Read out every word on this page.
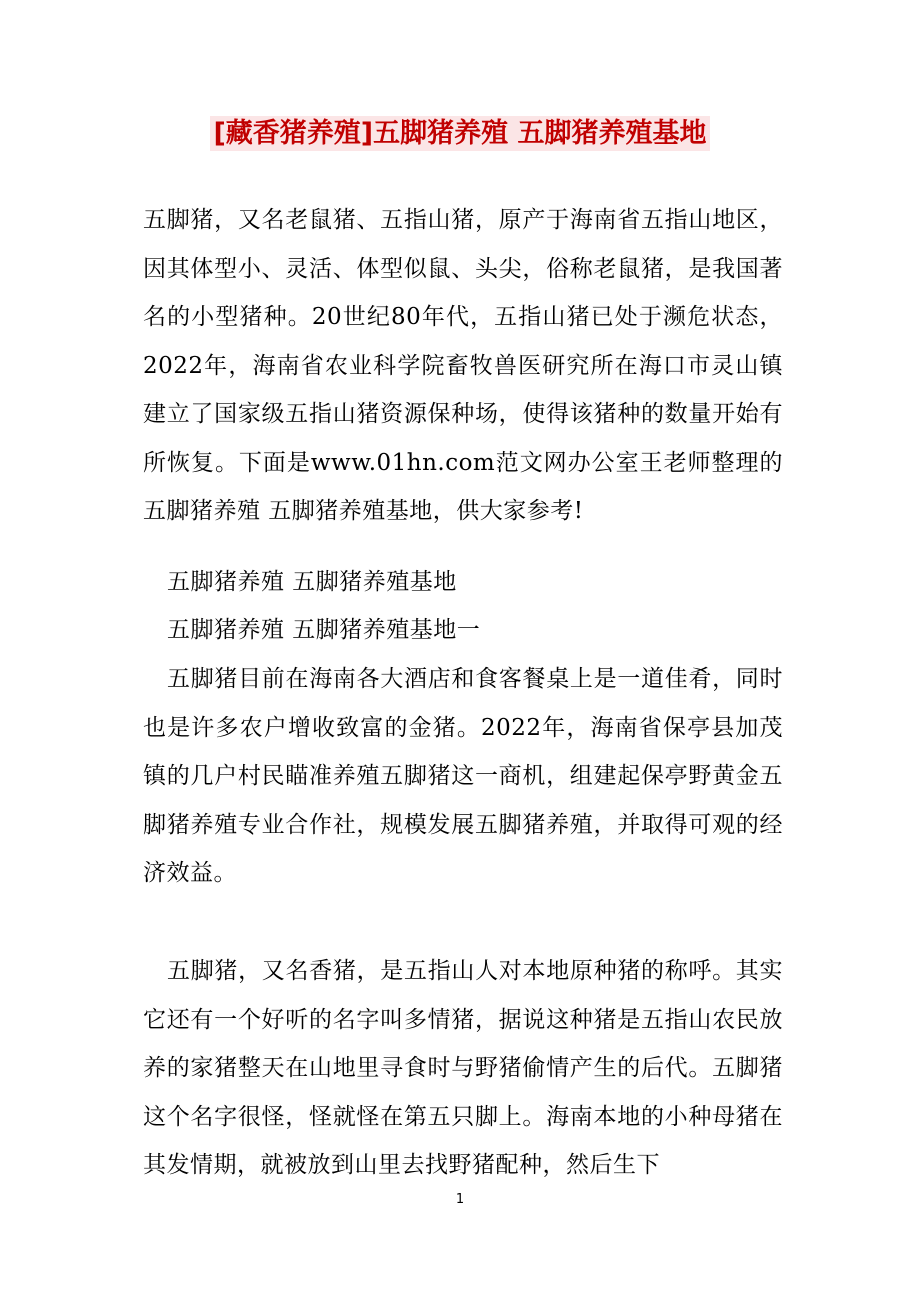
[藏香猪养殖]五脚猪养殖 五脚猪养殖基地

五脚猪，又名老鼠猪、五指山猪，原产于海南省五指山地区，因其体型小、灵活、体型似鼠、头尖，俗称老鼠猪，是我国著名的小型猪种。20世纪80年代，五指山猪已处于濒危状态，2022年，海南省农业科学院畜牧兽医研究所在海口市灵山镇建立了国家级五指山猪资源保种场，使得该猪种的数量开始有所恢复。下面是www.01hn.com范文网办公室王老师整理的五脚猪养殖 五脚猪养殖基地，供大家参考!

五脚猪养殖 五脚猪养殖基地

五脚猪养殖 五脚猪养殖基地一

五脚猪目前在海南各大酒店和食客餐桌上是一道佳肴，同时也是许多农户增收致富的金猪。2022年，海南省保亭县加茂镇的几户村民瞄准养殖五脚猪这一商机，组建起保亭野黄金五脚猪养殖专业合作社，规模发展五脚猪养殖，并取得可观的经济效益。

五脚猪，又名香猪，是五指山人对本地原种猪的称呼。其实它还有一个好听的名字叫多情猪，据说这种猪是五指山农民放养的家猪整天在山地里寻食时与野猪偷情产生的后代。五脚猪这个名字很怪，怪就怪在第五只脚上。海南本地的小种母猪在其发情期，就被放到山里去找野猪配种，然后生下

1
